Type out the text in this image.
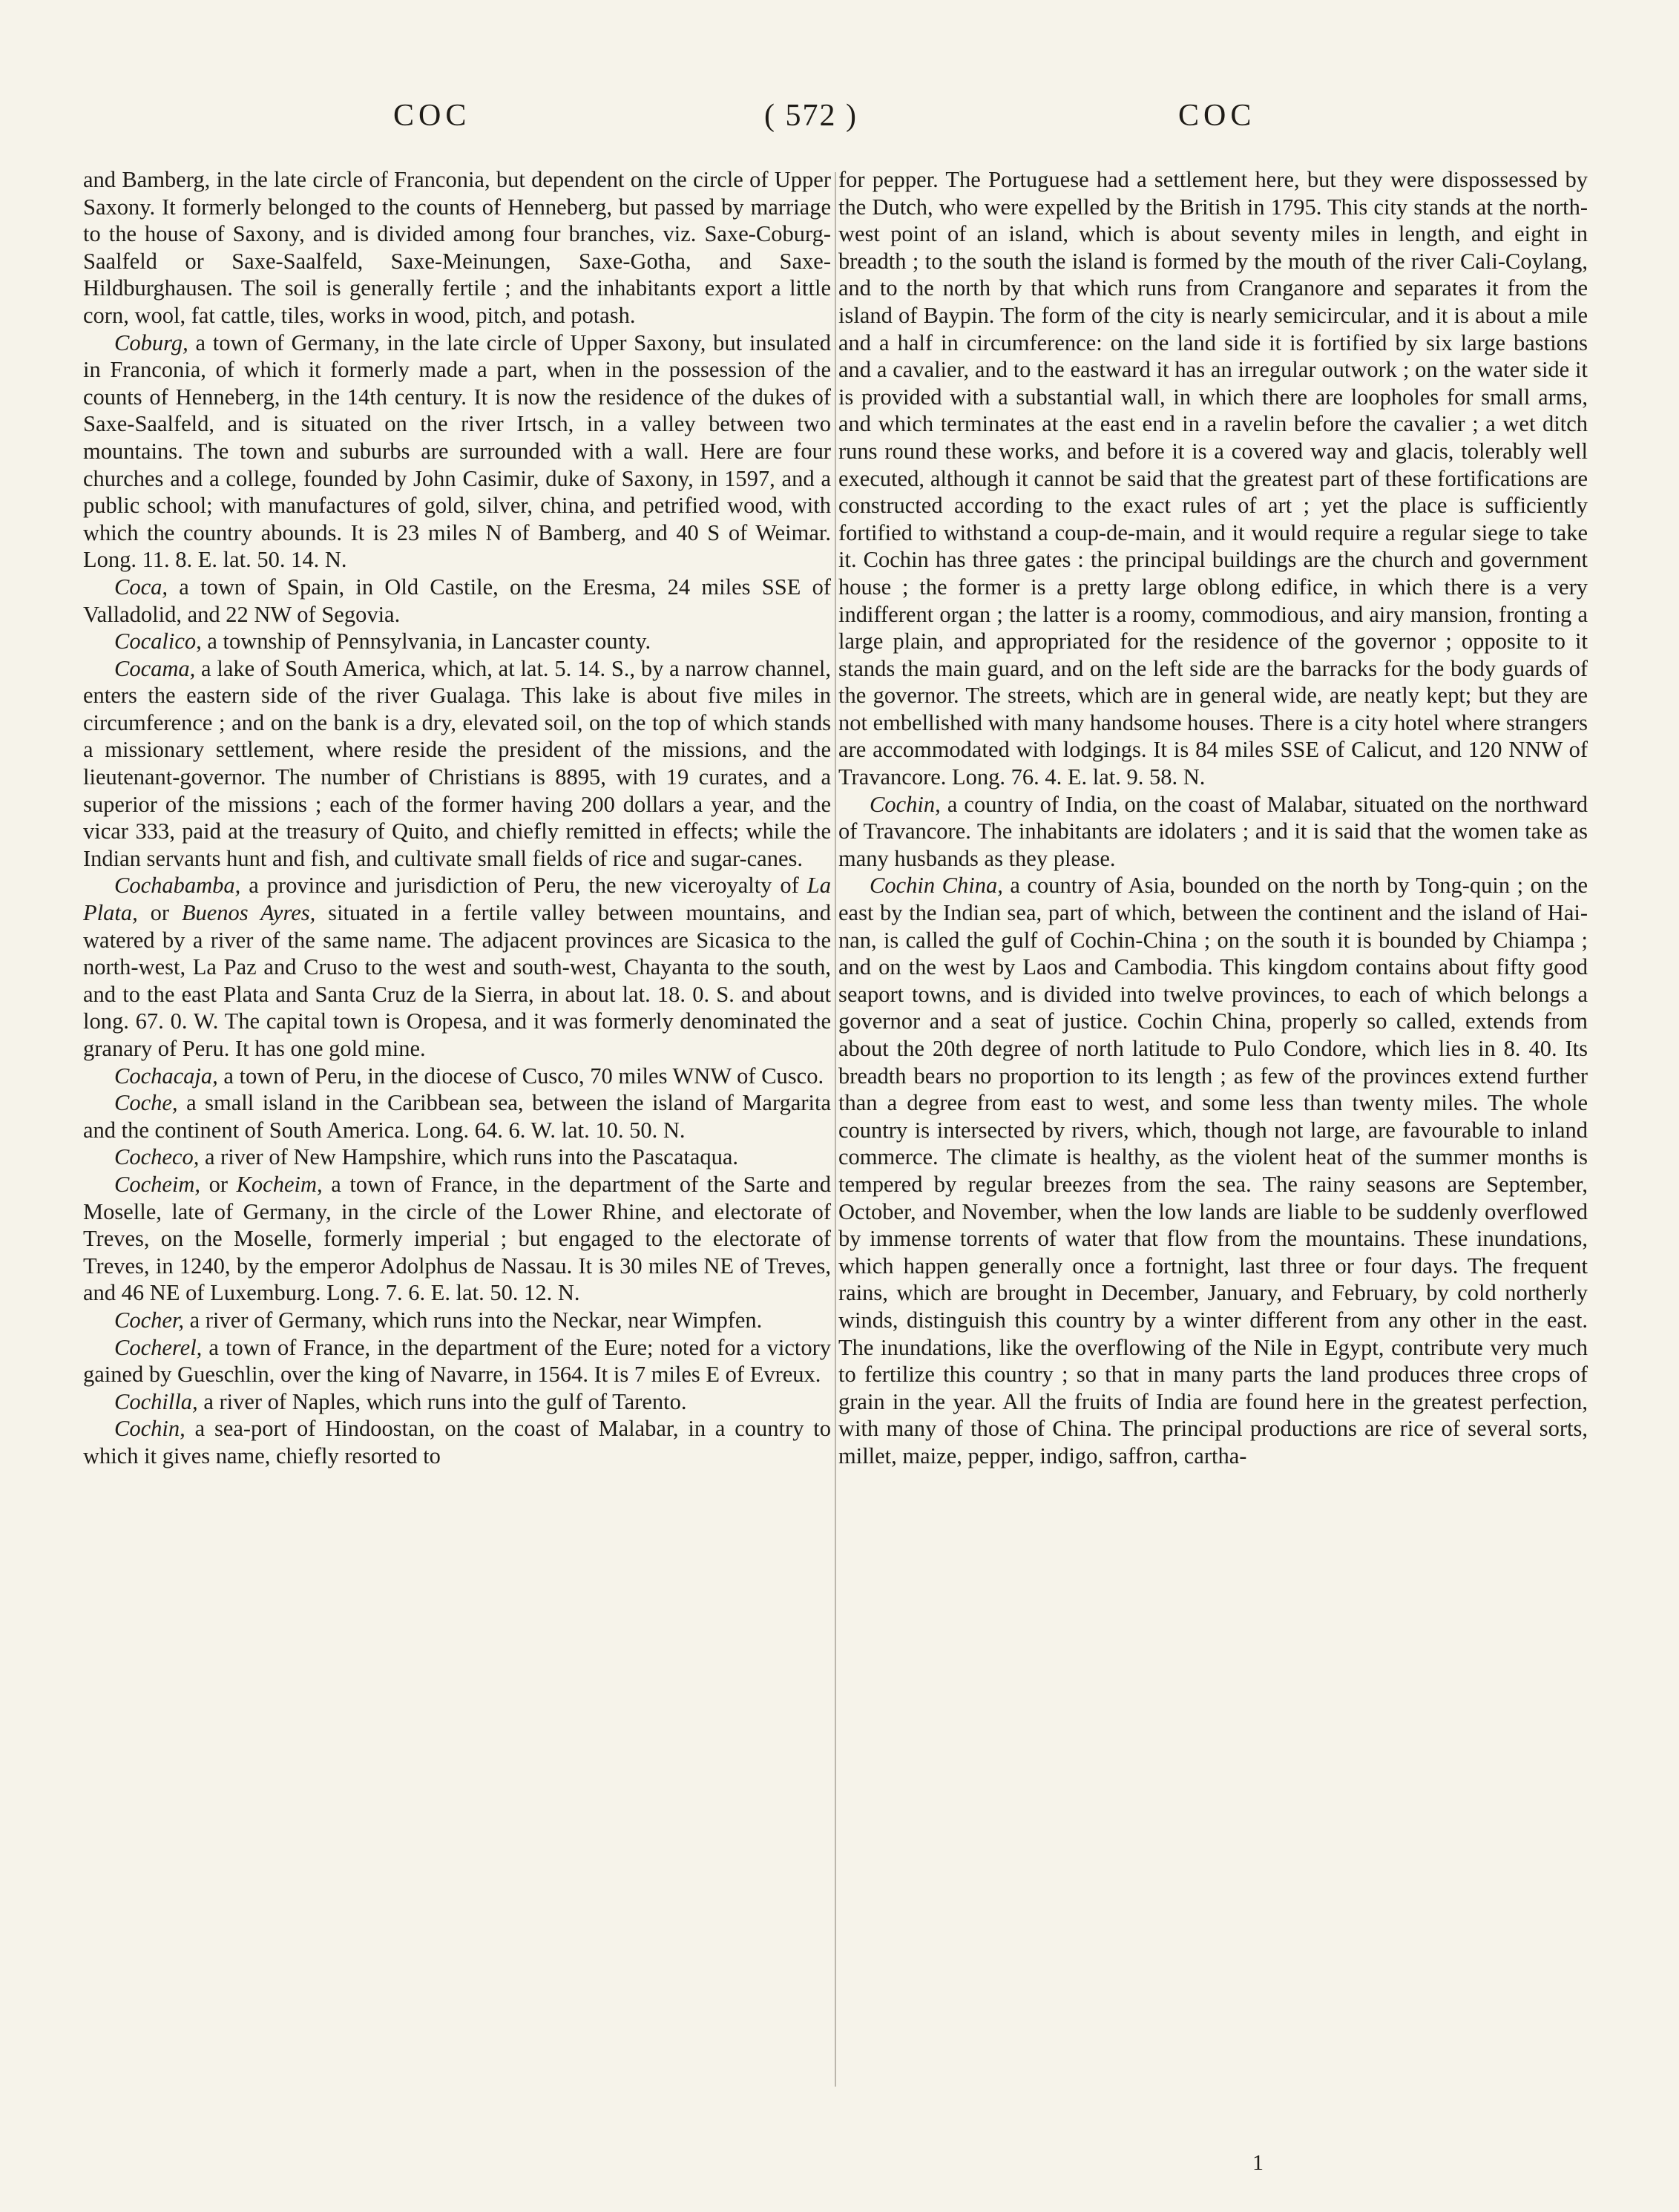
COC	( 572 )	COC

and Bamberg, in the late circle of Franconia, but dependent on the circle of Upper Saxony. It formerly belonged to the counts of Henneberg, but passed by marriage to the house of Saxony, and is divided among four branches, viz. Saxe-Coburg-Saalfeld or Saxe-Saalfeld, Saxe-Meinungen, Saxe-Gotha, and Saxe-Hildburghausen. The soil is generally fertile ; and the inhabitants export a little corn, wool, fat cattle, tiles, works in wood, pitch, and potash.

Coburg, a town of Germany, in the late circle of Upper Saxony, but insulated in Franconia, of which it formerly made a part, when in the possession of the counts of Henneberg, in the 14th century. It is now the residence of the dukes of Saxe-Saalfeld, and is situated on the river Irtsch, in a valley between two mountains. The town and suburbs are surrounded with a wall. Here are four churches and a college, founded by John Casimir, duke of Saxony, in 1597, and a public school; with manufactures of gold, silver, china, and petrified wood, with which the country abounds. It is 23 miles N of Bamberg, and 40 S of Weimar. Long. 11. 8. E. lat. 50. 14. N.

Coca, a town of Spain, in Old Castile, on the Eresma, 24 miles SSE of Valladolid, and 22 NW of Segovia.

Cocalico, a township of Pennsylvania, in Lancaster county.

Cocama, a lake of South America, which, at lat. 5. 14. S., by a narrow channel, enters the eastern side of the river Gualaga. This lake is about five miles in circumference ; and on the bank is a dry, elevated soil, on the top of which stands a missionary settlement, where reside the president of the missions, and the lieutenant-governor. The number of Christians is 8895, with 19 curates, and a superior of the missions ; each of the former having 200 dollars a year, and the vicar 333, paid at the treasury of Quito, and chiefly remitted in effects; while the Indian servants hunt and fish, and cultivate small fields of rice and sugar-canes.

Cochabamba, a province and jurisdiction of Peru, the new viceroyalty of La Plata, or Buenos Ayres, situated in a fertile valley between mountains, and watered by a river of the same name. The adjacent provinces are Sicasica to the north-west, La Paz and Cruso to the west and south-west, Chayanta to the south, and to the east Plata and Santa Cruz de la Sierra, in about lat. 18. 0. S. and about long. 67. 0. W. The capital town is Oropesa, and it was formerly denominated the granary of Peru. It has one gold mine.

Cochacaja, a town of Peru, in the diocese of Cusco, 70 miles WNW of Cusco.

Coche, a small island in the Caribbean sea, between the island of Margarita and the continent of South America. Long. 64. 6. W. lat. 10. 50. N.

Cocheco, a river of New Hampshire, which runs into the Pascataqua.

Cocheim, or Kocheim, a town of France, in the department of the Sarte and Moselle, late of Germany, in the circle of the Lower Rhine, and electorate of Treves, on the Moselle, formerly imperial ; but engaged to the electorate of Treves, in 1240, by the emperor Adolphus de Nassau. It is 30 miles NE of Treves, and 46 NE of Luxemburg. Long. 7. 6. E. lat. 50. 12. N.

Cocher, a river of Germany, which runs into the Neckar, near Wimpfen.

Cocherel, a town of France, in the department of the Eure; noted for a victory gained by Gueschlin, over the king of Navarre, in 1564. It is 7 miles E of Evreux.

Cochilla, a river of Naples, which runs into the gulf of Tarento.

Cochin, a sea-port of Hindoostan, on the coast of Malabar, in a country to which it gives name, chiefly resorted to

for pepper. The Portuguese had a settlement here, but they were dispossessed by the Dutch, who were expelled by the British in 1795. This city stands at the north-west point of an island, which is about seventy miles in length, and eight in breadth ; to the south the island is formed by the mouth of the river Cali-Coylang, and to the north by that which runs from Cranganore and separates it from the island of Baypin. The form of the city is nearly semicircular, and it is about a mile and a half in circumference: on the land side it is fortified by six large bastions and a cavalier, and to the eastward it has an irregular outwork ; on the water side it is provided with a substantial wall, in which there are loopholes for small arms, and which terminates at the east end in a ravelin before the cavalier ; a wet ditch runs round these works, and before it is a covered way and glacis, tolerably well executed, although it cannot be said that the greatest part of these fortifications are constructed according to the exact rules of art ; yet the place is sufficiently fortified to withstand a coup-de-main, and it would require a regular siege to take it. Cochin has three gates : the principal buildings are the church and government house ; the former is a pretty large oblong edifice, in which there is a very indifferent organ ; the latter is a roomy, commodious, and airy mansion, fronting a large plain, and appropriated for the residence of the governor ; opposite to it stands the main guard, and on the left side are the barracks for the body guards of the governor. The streets, which are in general wide, are neatly kept; but they are not embellished with many handsome houses. There is a city hotel where strangers are accommodated with lodgings. It is 84 miles SSE of Calicut, and 120 NNW of Travancore. Long. 76. 4. E. lat. 9. 58. N.

Cochin, a country of India, on the coast of Malabar, situated on the northward of Travancore. The inhabitants are idolaters ; and it is said that the women take as many husbands as they please.

Cochin China, a country of Asia, bounded on the north by Tong-quin ; on the east by the Indian sea, part of which, between the continent and the island of Hai-nan, is called the gulf of Cochin-China ; on the south it is bounded by Chiampa ; and on the west by Laos and Cambodia. This kingdom contains about fifty good seaport towns, and is divided into twelve provinces, to each of which belongs a governor and a seat of justice. Cochin China, properly so called, extends from about the 20th degree of north latitude to Pulo Condore, which lies in 8. 40. Its breadth bears no proportion to its length ; as few of the provinces extend further than a degree from east to west, and some less than twenty miles. The whole country is intersected by rivers, which, though not large, are favourable to inland commerce. The climate is healthy, as the violent heat of the summer months is tempered by regular breezes from the sea. The rainy seasons are September, October, and November, when the low lands are liable to be suddenly overflowed by immense torrents of water that flow from the mountains. These inundations, which happen generally once a fortnight, last three or four days. The frequent rains, which are brought in December, January, and February, by cold northerly winds, distinguish this country by a winter different from any other in the east. The inundations, like the overflowing of the Nile in Egypt, contribute very much to fertilize this country ; so that in many parts the land produces three crops of grain in the year. All the fruits of India are found here in the greatest perfection, with many of those of China. The principal productions are rice of several sorts, millet, maize, pepper, indigo, saffron, cartha-

1
